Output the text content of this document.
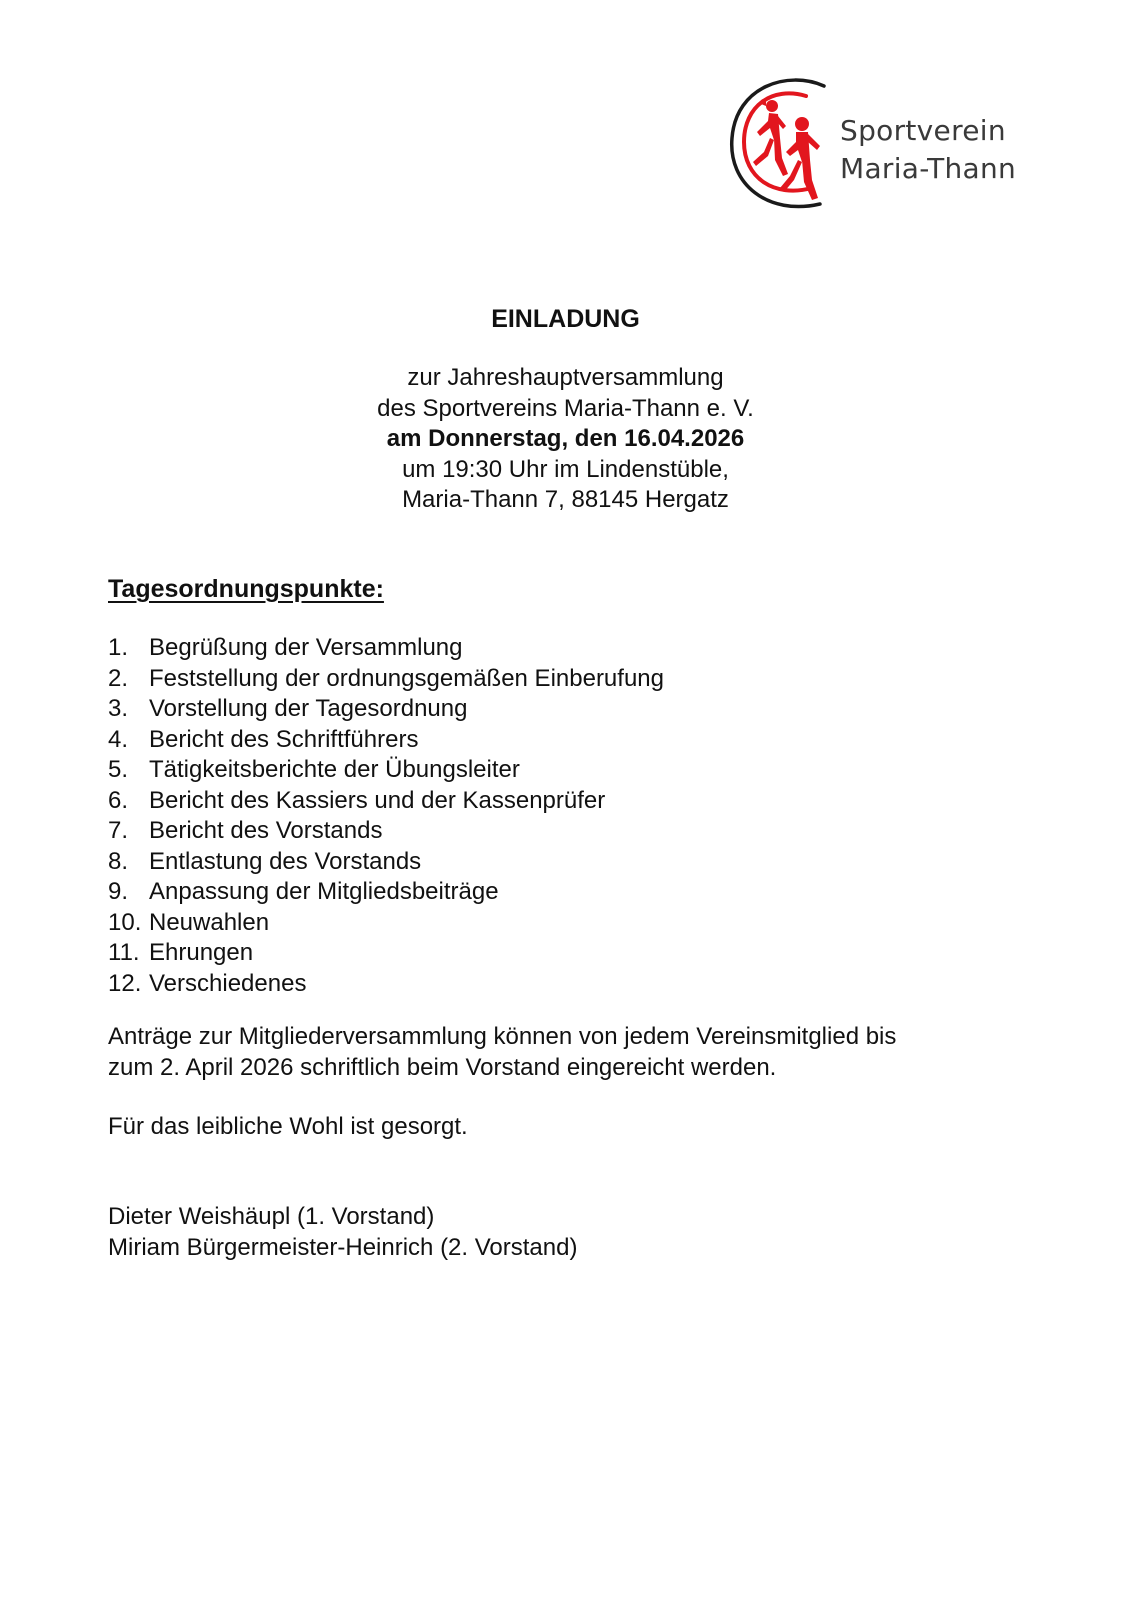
Sportverein
Maria-Thann
EINLADUNG
zur Jahreshauptversammlung
des Sportvereins Maria-Thann e. V.
am Donnerstag, den 16.04.2026
um 19:30 Uhr im Lindenstüble,
Maria-Thann 7, 88145 Hergatz
Tagesordnungspunkte:
1. Begrüßung der Versammlung
2. Feststellung der ordnungsgemäßen Einberufung
3. Vorstellung der Tagesordnung
4. Bericht des Schriftführers
5. Tätigkeitsberichte der Übungsleiter
6. Bericht des Kassiers und der Kassenprüfer
7. Bericht des Vorstands
8. Entlastung des Vorstands
9. Anpassung der Mitgliedsbeiträge
10. Neuwahlen
11. Ehrungen
12. Verschiedenes
Anträge zur Mitgliederversammlung können von jedem Vereinsmitglied bis
zum 2. April 2026 schriftlich beim Vorstand eingereicht werden.
Für das leibliche Wohl ist gesorgt.
Dieter Weishäupl (1. Vorstand)
Miriam Bürgermeister-Heinrich (2. Vorstand)
